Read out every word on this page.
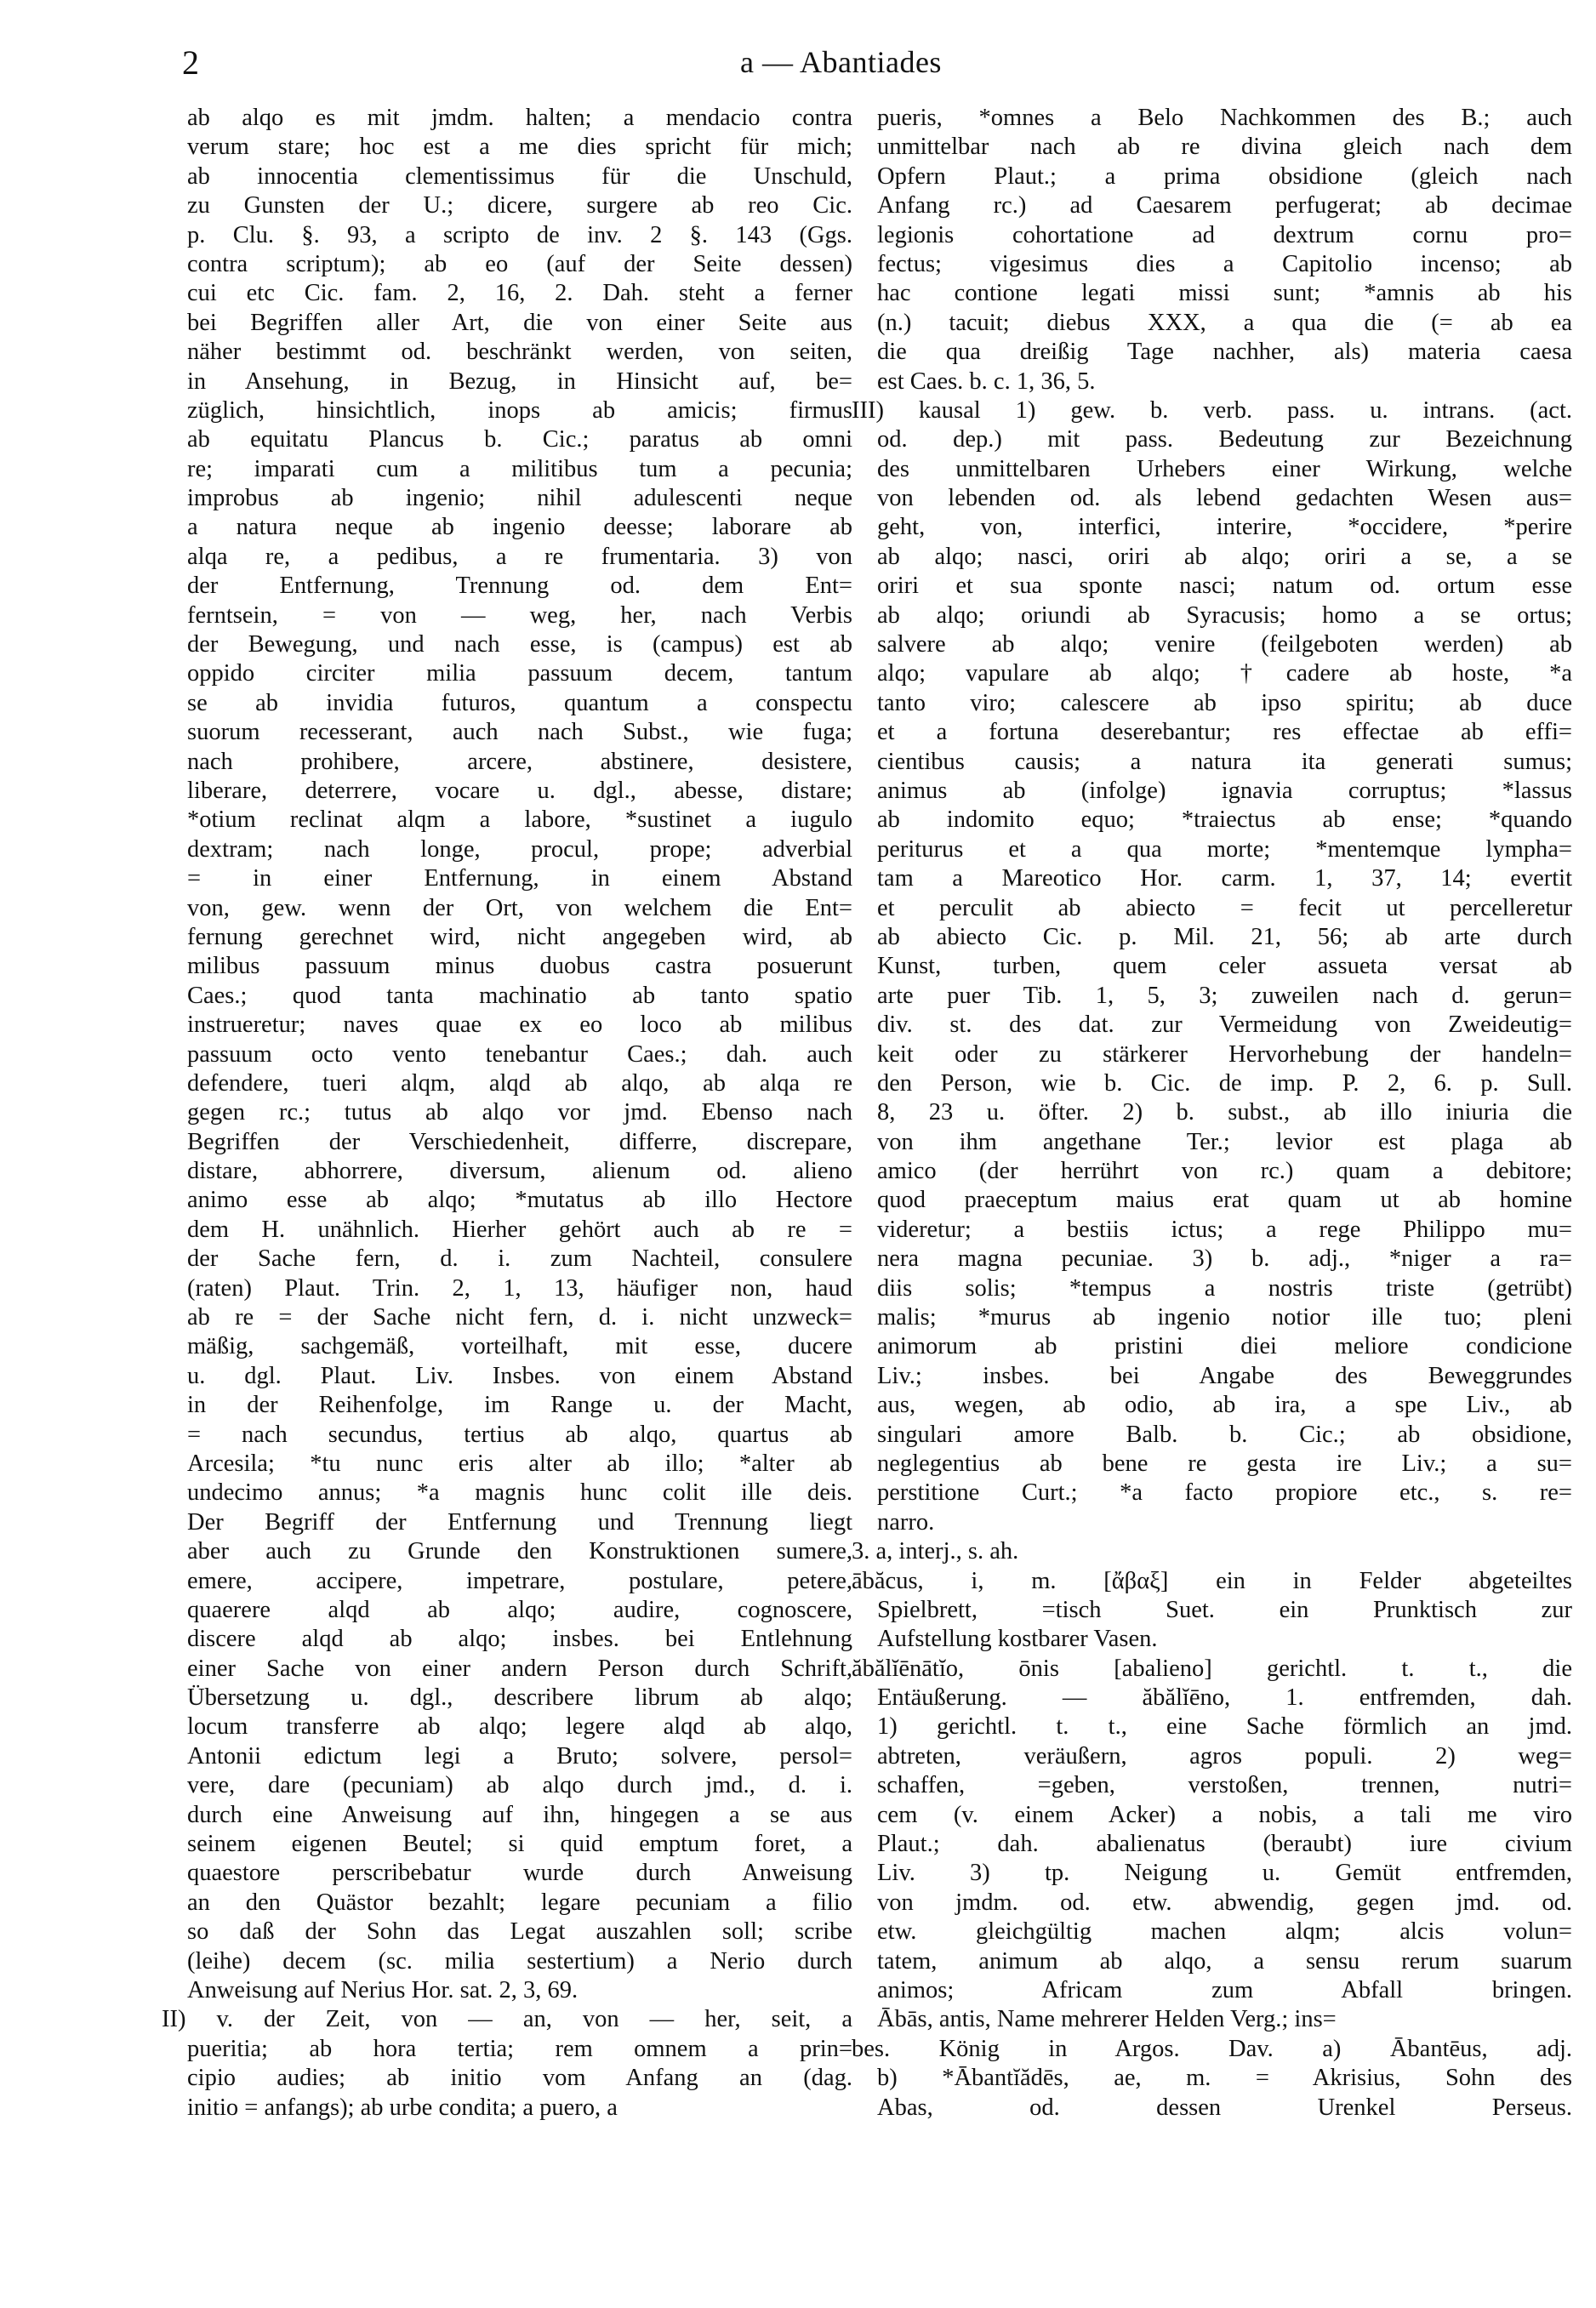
2	a — Abantiades
ab alqo es mit jmdm. halten; a mendacio contra
verum stare; hoc est a me dies spricht für mich;
ab innocentia clementissimus für die Unschuld,
zu Gunsten der U.; dicere, surgere ab reo Cic.
p. Clu. §. 93, a scripto de inv. 2 §. 143 (Ggs.
contra scriptum); ab eo (auf der Seite dessen)
cui etc Cic. fam. 2, 16, 2. Dah. steht a ferner
bei Begriffen aller Art, die von einer Seite aus
näher bestimmt od. beschränkt werden, von seiten,
in Ansehung, in Bezug, in Hinsicht auf, be=
züglich, hinsichtlich, inops ab amicis; firmus
ab equitatu Plancus b. Cic.; paratus ab omni
re; imparati cum a militibus tum a pecunia;
improbus ab ingenio; nihil adulescenti neque
a natura neque ab ingenio deesse; laborare ab
alqa re, a pedibus, a re frumentaria. 3) von
der Entfernung, Trennung od. dem Ent=
ferntsein, = von — weg, her, nach Verbis
der Bewegung, und nach esse, is (campus) est ab
oppido circiter milia passuum decem, tantum
se ab invidia futuros, quantum a conspectu
suorum recesserant, auch nach Subst., wie fuga;
nach prohibere, arcere, abstinere, desistere,
liberare, deterrere, vocare u. dgl., abesse, distare;
*otium reclinat alqm a labore, *sustinet a iugulo
dextram; nach longe, procul, prope; adverbial
= in einer Entfernung, in einem Abstand
von, gew. wenn der Ort, von welchem die Ent=
fernung gerechnet wird, nicht angegeben wird, ab
milibus passuum minus duobus castra posuerunt
Caes.; quod tanta machinatio ab tanto spatio
instrueretur; naves quae ex eo loco ab milibus
passuum octo vento tenebantur Caes.; dah. auch
defendere, tueri alqm, alqd ab alqo, ab alqa re
gegen rc.; tutus ab alqo vor jmd. Ebenso nach
Begriffen der Verschiedenheit, differre, discrepare,
distare, abhorrere, diversum, alienum od. alieno
animo esse ab alqo; *mutatus ab illo Hectore
dem H. unähnlich. Hierher gehört auch ab re =
der Sache fern, d. i. zum Nachteil, consulere
(raten) Plaut. Trin. 2, 1, 13, häufiger non, haud
ab re = der Sache nicht fern, d. i. nicht unzweck=
mäßig, sachgemäß, vorteilhaft, mit esse, ducere
u. dgl. Plaut. Liv. Insbes. von einem Abstand
in der Reihenfolge, im Range u. der Macht,
= nach secundus, tertius ab alqo, quartus ab
Arcesila; *tu nunc eris alter ab illo; *alter ab
undecimo annus; *a magnis hunc colit ille deis.
Der Begriff der Entfernung und Trennung liegt
aber auch zu Grunde den Konstruktionen sumere,
emere, accipere, impetrare, postulare, petere,
quaerere alqd ab alqo; audire, cognoscere,
discere alqd ab alqo; insbes. bei Entlehnung
einer Sache von einer andern Person durch Schrift,
Übersetzung u. dgl., describere librum ab alqo;
locum transferre ab alqo; legere alqd ab alqo,
Antonii edictum legi a Bruto; solvere, persol=
vere, dare (pecuniam) ab alqo durch jmd., d. i.
durch eine Anweisung auf ihn, hingegen a se aus
seinem eigenen Beutel; si quid emptum foret, a
quaestore perscribebatur wurde durch Anweisung
an den Quästor bezahlt; legare pecuniam a filio
so daß der Sohn das Legat auszahlen soll; scribe
(leihe) decem (sc. milia sestertium) a Nerio durch
Anweisung auf Nerius Hor. sat. 2, 3, 69.
II) v. der Zeit, von — an, von — her, seit, a
pueritia; ab hora tertia; rem omnem a prin=
cipio audies; ab initio vom Anfang an (dag.
initio = anfangs); ab urbe condita; a puero, a
pueris, *omnes a Belo Nachkommen des B.; auch
unmittelbar nach ab re divina gleich nach dem
Opfern Plaut.; a prima obsidione (gleich nach
Anfang rc.) ad Caesarem perfugerat; ab decimae
legionis cohortatione ad dextrum cornu pro=
fectus; vigesimus dies a Capitolio incenso; ab
hac contione legati missi sunt; *amnis ab his
(n.) tacuit; diebus XXX, a qua die (= ab ea
die qua dreißig Tage nachher, als) materia caesa
est Caes. b. c. 1, 36, 5.
III) kausal 1) gew. b. verb. pass. u. intrans. (act.
od. dep.) mit pass. Bedeutung zur Bezeichnung
des unmittelbaren Urhebers einer Wirkung, welche
von lebenden od. als lebend gedachten Wesen aus=
geht, von, interfici, interire, *occidere, *perire
ab alqo; nasci, oriri ab alqo; oriri a se, a se
oriri et sua sponte nasci; natum od. ortum esse
ab alqo; oriundi ab Syracusis; homo a se ortus;
salvere ab alqo; venire (feilgeboten werden) ab
alqo; vapulare ab alqo; †cadere ab hoste, *a
tanto viro; calescere ab ipso spiritu; ab duce
et a fortuna deserebantur; res effectae ab effi=
cientibus causis; a natura ita generati sumus;
animus ab (infolge) ignavia corruptus; *lassus
ab indomito equo; *traiectus ab ense; *quando
periturus et a qua morte; *mentemque lympha=
tam a Mareotico Hor. carm. 1, 37, 14; evertit
et perculit ab abiecto = fecit ut percelleretur
ab abiecto Cic. p. Mil. 21, 56; ab arte durch
Kunst, turben, quem celer assueta versat ab
arte puer Tib. 1, 5, 3; zuweilen nach d. gerun=
div. st. des dat. zur Vermeidung von Zweideutig=
keit oder zu stärkerer Hervorhebung der handeln=
den Person, wie b. Cic. de imp. P. 2, 6. p. Sull.
8, 23 u. öfter. 2) b. subst., ab illo iniuria die
von ihm angethane Ter.; levior est plaga ab
amico (der herrührt von rc.) quam a debitore;
quod praeceptum maius erat quam ut ab homine
videretur; a bestiis ictus; a rege Philippo mu=
nera magna pecuniae. 3) b. adj., *niger a ra=
diis solis; *tempus a nostris triste (getrübt)
malis; *murus ab ingenio notior ille tuo; pleni
animorum ab pristini diei meliore condicione
Liv.; insbes. bei Angabe des Beweggrundes
aus, wegen, ab odio, ab ira, a spe Liv., ab
singulari amore Balb. b. Cic.; ab obsidione,
neglegentius ab bene re gesta ire Liv.; a su=
perstitione Curt.; *a facto propiore etc., s. re=
narro.
3. a, interj., s. ah.
ābăcus, i, m. [ἄβαξ] ein in Felder abgeteiltes
Spielbrett, =tisch Suet. ein Prunktisch zur
Aufstellung kostbarer Vasen.
ăbălĭēnātĭo, ōnis [abalieno] gerichtl. t. t., die
Entäußerung. — ăbălĭēno, 1. entfremden, dah.
1) gerichtl. t. t., eine Sache förmlich an jmd.
abtreten, veräußern, agros populi. 2) weg=
schaffen, =geben, verstoßen, trennen, nutri=
cem (v. einem Acker) a nobis, a tali me viro
Plaut.; dah. abalienatus (beraubt) iure civium
Liv. 3) tp. Neigung u. Gemüt entfremden,
von jmdm. od. etw. abwendig, gegen jmd. od.
etw. gleichgültig machen alqm; alcis volun=
tatem, animum ab alqo, a sensu rerum suarum
animos; Africam zum Abfall bringen.
Ābās, antis, Name mehrerer Helden Verg.; ins=
bes. König in Argos. Dav. a) Ābantēus, adj.
b) *Ābantĭădēs, ae, m. = Akrisius, Sohn des
Abas, od. dessen Urenkel Perseus.
